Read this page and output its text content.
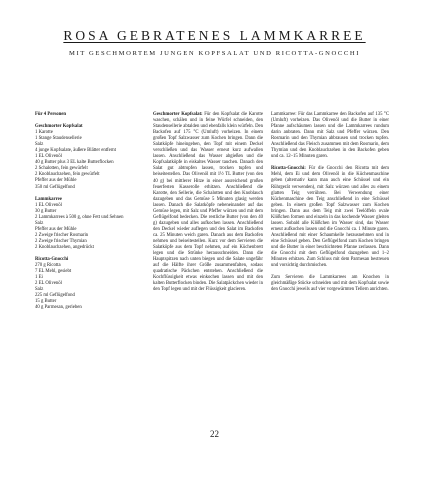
ROSA GEBRATENES LAMMKARREE
MIT GESCHMORTEM JUNGEN KOPFSALAT UND RICOTTA-GNOCCHI

Für 4 Personen

Geschmorter Kopfsalat

1 Karotte

1 Stange Staudensellerie

Salz

4 junge Kopfsalate, äußere Blätter entfernt

1 EL Olivenöl

40 g Butter plus 3 EL kalte Butterflocken

2 Schalotten, fein gewürfelt

2 Knoblauchzehen, fein gewürfelt

Pfeffer aus der Mühle

350 ml Geflügelfond

Lammkarree

1 EL Olivenöl

30 g Butter

2 Lammkarrees à 500 g, ohne Fett und Sehnen

Salz

Pfeffer aus der Mühle

2 Zweige frischer Rosmarin

2 Zweige frischer Thymian

2 Knoblauchzehen, angedrückt

Ricotta-Gnocchi

270 g Ricotta

7 EL Mehl, gesiebt

1 Ei

2 EL Olivenöl

Salz

225 ml Geflügelfond

15 g Butter

40 g Parmesan, gerieben

Geschmorter Kopfsalat: Für den Kopfsalat die Karotte waschen, schälen und in feine Würfel schneiden, den Staudensellerie abtalden und ebenfalls klein würfeln. Den Backofen auf 175 °C (Umluft) vorheizen. In einem großen Topf Salzwasser zum Kochen bringen. Dann die Salatköpfe hineingeben, den Topf mit einem Deckel verschließen und das Wasser erneut kurz aufwallen lassen. Anschließend das Wasser abgießen und die Kopfsalatköpfe in eiskaltes Wasser tauchen. Danach den Salat gut abtropfen lassen, trocken tupfen und beiseitestellen. Das Olivenöl mit 1½ TL Butter (von den 40 g) bei mittlerer Hitze in einer ausreichend großen feuerfesten Kasserolle erhitzen. Anschließend die Karotte, den Sellerie, die Schalotten und den Knoblauch dazugeben und das Gemüse 5 Minuten glasig werden lassen. Danach die Salatköpfe nebeneinander auf das Gemüse legen, mit Salz und Pfeffer würzen und mit dem Geflügelfond bedecken. Die restliche Butter (von den 40 g) dazugeben und alles aufkochen lassen. Anschließend den Deckel wieder auflegen und den Salat im Backofen ca. 25 Minuten weich garen. Danach aus dem Backofen nehmen und beiseitestellen. Kurz vor dem Servieren die Salatköpfe aus dem Topf nehmen, auf ein Küchenbrett legen und die Strünke herausschneiden. Dann die Hauptspitzen nach unten biegen und die Salate ungefähr auf die Hälfte ihrer Größe zusammenfalten, sodass quadratische Päckchen entstehen. Anschließend die Kochflüssigkeit etwas einkochen lassen und mit den kalten Butterflocken binden. Die Salatpäckchen wieder in den Topf legen und mit der Flüssigkeit glacieren.

Lammkarree: Für das Lammkarree den Backofen auf 135 °C (Umluft) vorheizen. Das Olivenöl und die Butter in einer Pfanne aufschäumen lassen und die Lammkarrees rundum darin anbraten. Dann mit Salz und Pfeffer würzen. Den Rosmarin und den Thymian abbrausen und trocken tupfen. Anschließend das Fleisch zusammen mit dem Rosmarin, dem Thymian und den Knoblauchzehen in den Backofen geben und ca. 12–15 Minuten garen.

Ricotta-Gnocchi: Für die Gnocchi den Ricotta mit dem Mehl, dem Ei und dem Olivenöl in die Küchenmaschine geben (alternativ kann man auch eine Schüssel und ein Rührgerät verwenden), mit Salz würzen und alles zu einem glatten Teig verrühren. Bei Verwendung einer Küchenmaschine den Teig anschließend in eine Schüssel geben. In einem großen Topf Salzwasser zum Kochen bringen. Dann aus dem Teig mit zwei Teelöffeln ovale Klößchen formen und einzeln in das kochende Wasser gleiten lassen. Sobald alle Klößchen im Wasser sind, das Wasser erneut aufkochen lassen und die Gnocchi ca. 1 Minute garen. Anschließend mit einer Schaumkelle herausnehmen und in eine Schüssel geben. Den Geflügelfond zum Kochen bringen und die Butter in einer beschichteten Pfanne zerlassen. Dann die Gnocchi mit dem Geflügelfond dazugeben und 1–2 Minuten erhitzen. Zum Schluss mit dem Parmesan bestreuen und vorsichtig durchmischen.

Zum Servieren die Lammkarrees am Knochen in gleichmäßige Stücke schneiden und mit dem Kopfsalat sowie den Gnocchi jeweils auf vier vorgewärmten Tellern anrichten.

22
